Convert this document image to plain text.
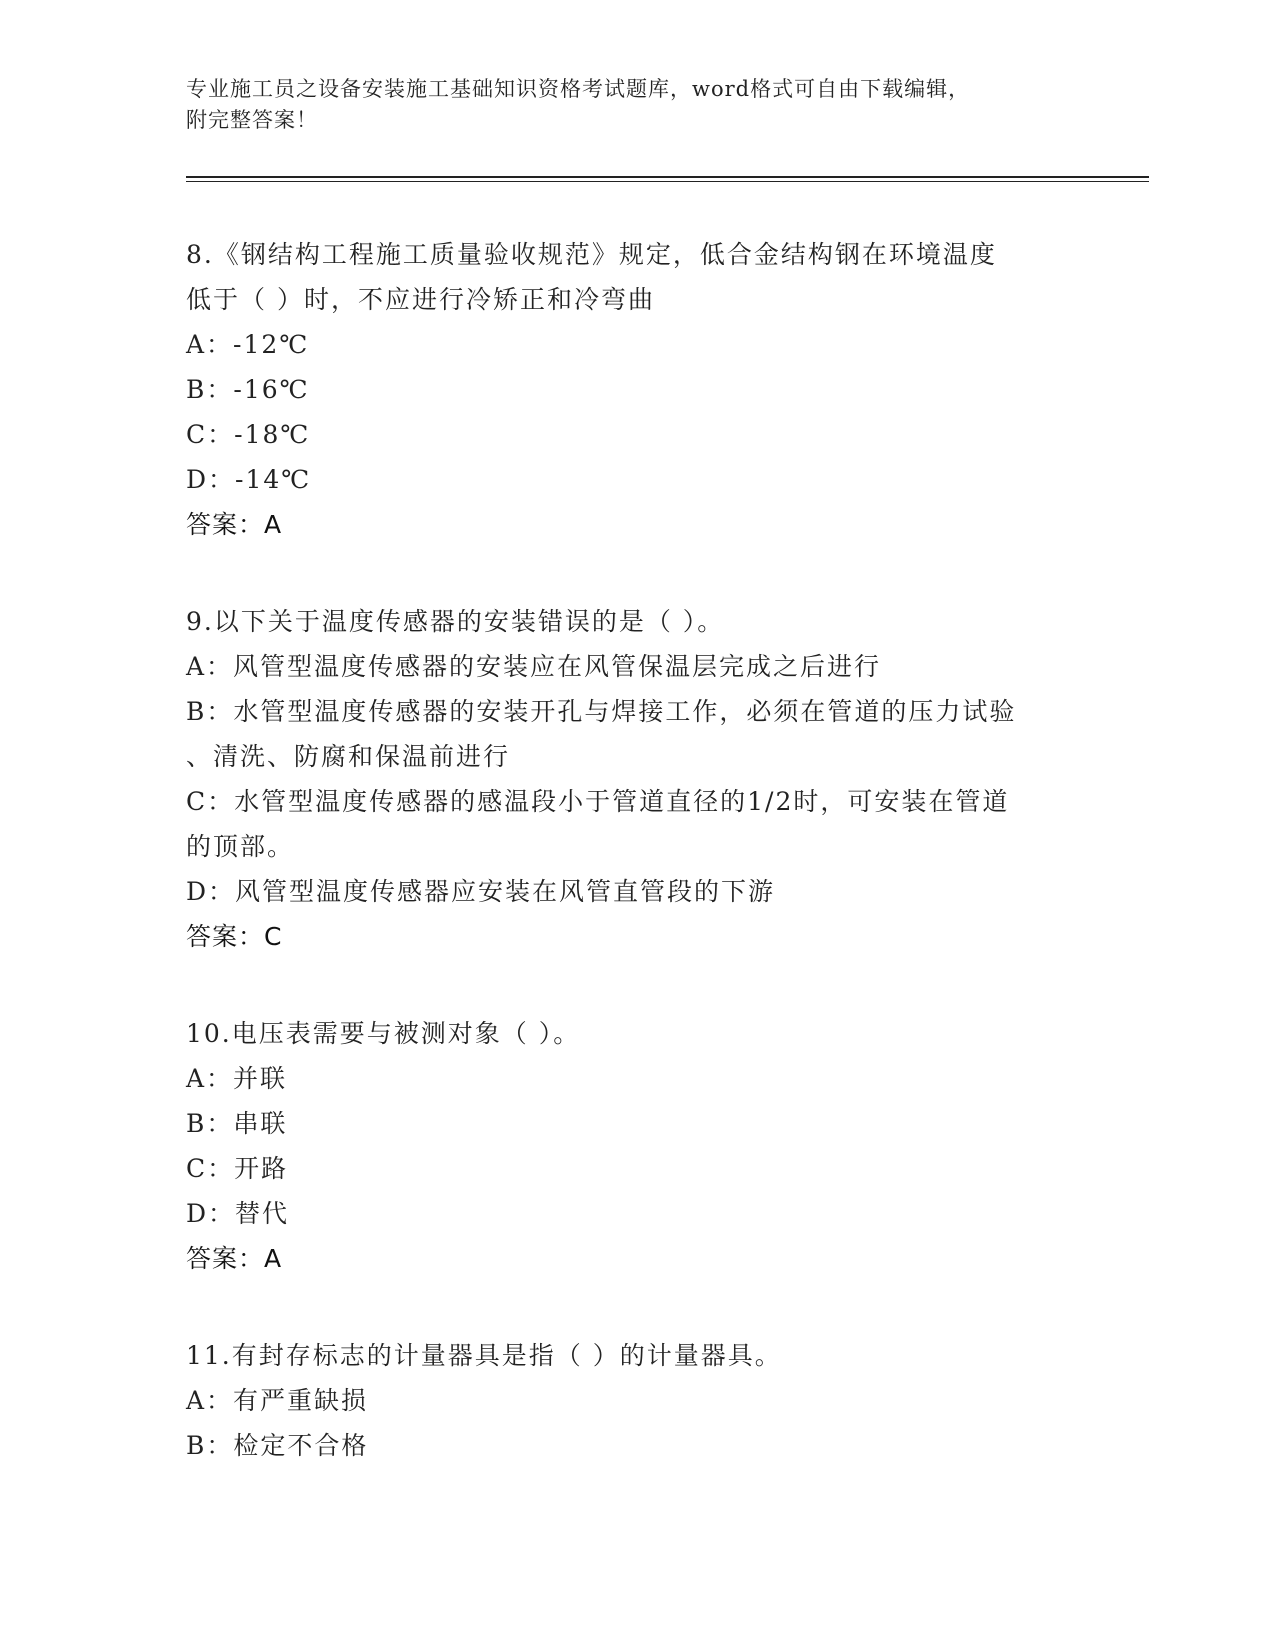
专业施工员之设备安装施工基础知识资格考试题库，word格式可自由下载编辑，
附完整答案！
8.《钢结构工程施工质量验收规范》规定，低合金结构钢在环境温度
低于（ ）时，不应进行冷矫正和冷弯曲
A：-12℃
B：-16℃
C：-18℃
D：-14℃
答案：A
9.以下关于温度传感器的安装错误的是（ ）。
A：风管型温度传感器的安装应在风管保温层完成之后进行
B：水管型温度传感器的安装开孔与焊接工作，必须在管道的压力试验
、清洗、防腐和保温前进行
C：水管型温度传感器的感温段小于管道直径的1/2时，可安装在管道
的顶部。
D：风管型温度传感器应安装在风管直管段的下游
答案：C
10.电压表需要与被测对象（ ）。
A：并联
B：串联
C：开路
D：替代
答案：A
11.有封存标志的计量器具是指（ ）的计量器具。
A：有严重缺损
B：检定不合格
